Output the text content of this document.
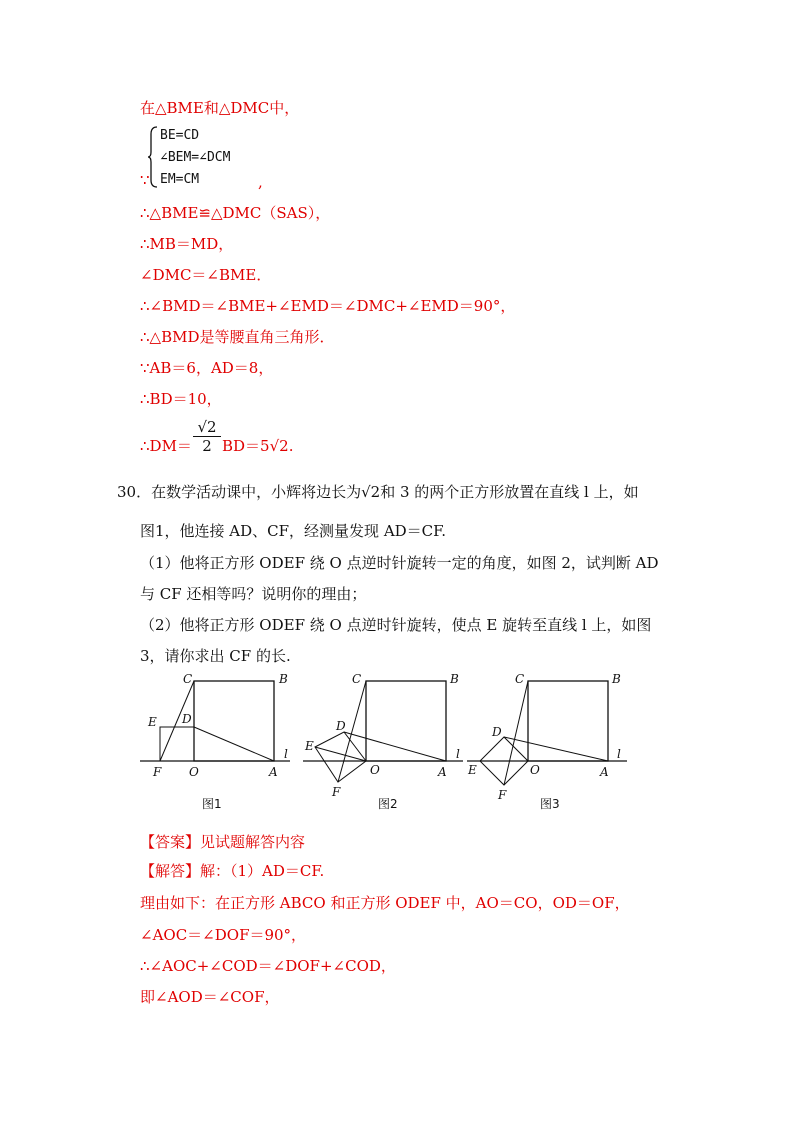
在△BME和△DMC中，
BE=CD
∠BEM=∠DCM
EM=CM
∵	,
∴△BME≌△DMC（SAS），
∴MB＝MD，
∠DMC＝∠BME．
∴∠BMD＝∠BME+∠EMD＝∠DMC+∠EMD＝90°，
∴△BMD是等腰直角三角形．
∵AB＝6，AD＝8，
∴BD＝10，
∴DM＝ $\frac{√2}{2} BD=5√2$.
30．在数学活动课中，小辉将边长为√2和 3 的两个正方形放置在直线 l 上，如
图1，他连接 AD、CF，经测量发现 AD＝CF.
（1）他将正方形 ODEF 绕 O 点逆时针旋转一定的角度，如图 2，试判断 AD
与 CF 还相等吗？说明你的理由；
（2）他将正方形 ODEF 绕 O 点逆时针旋转，使点 E 旋转至直线 l 上，如图
3，请你求出 CF 的长.
C	B
D
E
F O	A
l
图1
C	B
D
E
F
O	A
l
图2
C	B
D
E
F
O	A
l
图3
【答案】见试题解答内容
【解答】解：（1）AD＝CF.
理由如下：在正方形 ABCO 和正方形 ODEF 中，AO＝CO，OD＝OF，
∠AOC＝∠DOF＝90°，
∴∠AOC+∠COD＝∠DOF+∠COD，
即∠AOD＝∠COF，
